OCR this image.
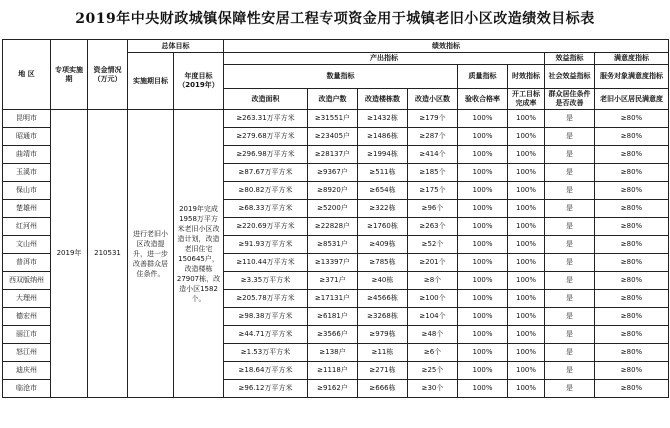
2019年中央财政城镇保障性安居工程专项资金用于城镇老旧小区改造绩效目标表
地 区	专项实施期	资金情况（万元）	总体目标		绩效指标							
			实施期目标	年度目标（2019年）	产出指标						效益指标	满意度指标
					数量指标				质量指标	时效指标	社会效益指标	服务对象满意度指标
					改造面积	改造户数	改造楼栋数	改造小区数	验收合格率	开工目标完成率	群众居住条件是否改善	老旧小区居民满意度
昆明市	2019年	210531	进行老旧小区改造提升，进一步改善群众居住条件。	2019年完成1958万平方米老旧小区改造计划，改造老旧住宅150645户，改造楼栋27907栋，改造小区1582个。	≥263.31万平方米	≥31551户	≥1432栋	≥179个	100%	100%	是	≥80%
昭通市					≥279.68万平方米	≥23405户	≥1486栋	≥287个	100%	100%	是	≥80%
曲靖市					≥296.98万平方米	≥28137户	≥1994栋	≥414个	100%	100%	是	≥80%
玉溪市					≥87.67万平方米	≥9367户	≥511栋	≥185个	100%	100%	是	≥80%
保山市					≥80.82万平方米	≥8920户	≥654栋	≥175个	100%	100%	是	≥80%
楚雄州					≥68.33万平方米	≥5200户	≥322栋	≥96个	100%	100%	是	≥80%
红河州					≥220.69万平方米	≥22828户	≥1760栋	≥263个	100%	100%	是	≥80%
文山州					≥91.93万平方米	≥8531户	≥409栋	≥52个	100%	100%	是	≥80%
普洱市					≥110.44万平方米	≥13397户	≥785栋	≥201个	100%	100%	是	≥80%
西双版纳州					≥3.35万平方米	≥371户	≥40栋	≥8个	100%	100%	是	≥80%
大理州					≥205.78万平方米	≥17131户	≥4566栋	≥100个	100%	100%	是	≥80%
德宏州					≥98.38万平方米	≥6181户	≥3268栋	≥104个	100%	100%	是	≥80%
丽江市					≥44.71万平方米	≥3566户	≥979栋	≥48个	100%	100%	是	≥80%
怒江州					≥1.53万平方米	≥138户	≥11栋	≥6个	100%	100%	是	≥80%
迪庆州					≥18.64万平方米	≥1118户	≥271栋	≥25个	100%	100%	是	≥80%
临沧市					≥96.12万平方米	≥9162户	≥666栋	≥30个	100%	100%	是	≥80%
